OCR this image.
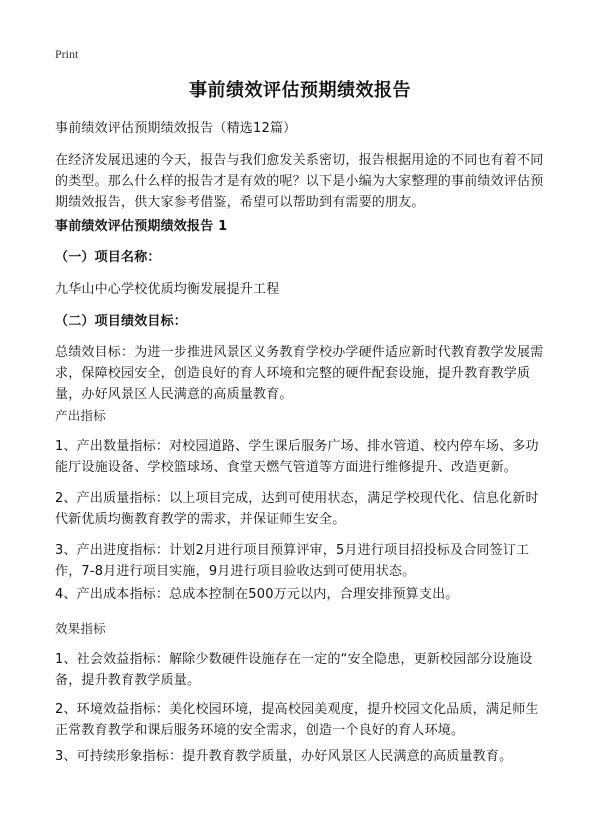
Print
事前绩效评估预期绩效报告

事前绩效评估预期绩效报告（精选12篇）

在经济发展迅速的今天，报告与我们愈发关系密切，报告根据用途的不同也有着不同的类型。那么什么样的报告才是有效的呢？以下是小编为大家整理的事前绩效评估预期绩效报告，供大家参考借鉴，希望可以帮助到有需要的朋友。

事前绩效评估预期绩效报告 1

（一）项目名称：

九华山中心学校优质均衡发展提升工程

（二）项目绩效目标：

总绩效目标：为进一步推进风景区义务教育学校办学硬件适应新时代教育教学发展需求，保障校园安全，创造良好的育人环境和完整的硬件配套设施，提升教育教学质量，办好风景区人民满意的高质量教育。

产出指标

1、产出数量指标：对校园道路、学生课后服务广场、排水管道、校内停车场、多功能厅设施设备、学校篮球场、食堂天燃气管道等方面进行维修提升、改造更新。

2、产出质量指标：以上项目完成，达到可使用状态，满足学校现代化、信息化新时代新优质均衡教育教学的需求，并保证师生安全。

3、产出进度指标：计划2月进行项目预算评审，5月进行项目招投标及合同签订工作，7-8月进行项目实施，9月进行项目验收达到可使用状态。

4、产出成本指标：总成本控制在500万元以内，合理安排预算支出。

效果指标

1、社会效益指标：解除少数硬件设施存在一定的“安全隐患，更新校园部分设施设备，提升教育教学质量。

2、环境效益指标：美化校园环境，提高校园美观度，提升校园文化品质，满足师生正常教育教学和课后服务环境的安全需求，创造一个良好的育人环境。

3、可持续形象指标：提升教育教学质量，办好风景区人民满意的高质量教育。
